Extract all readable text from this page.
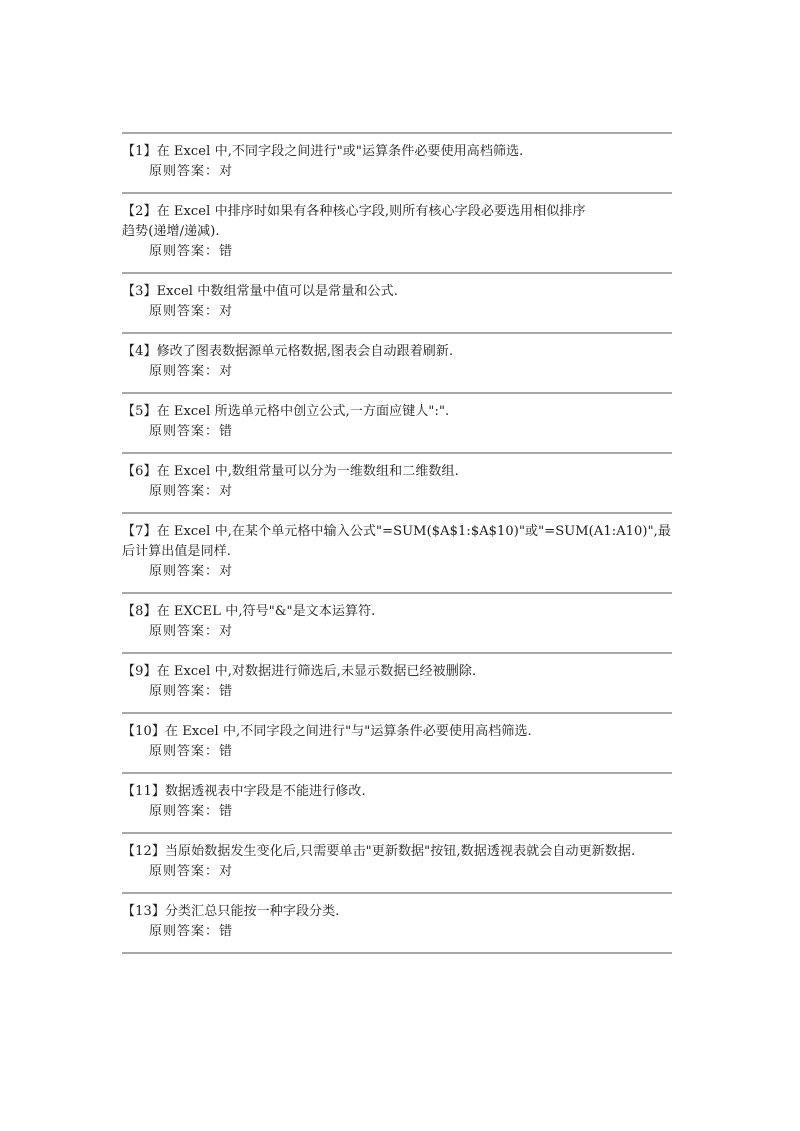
【1】在 Excel 中,不同字段之间进行"或"运算条件必要使用高档筛选.
原则答案：对
【2】在 Excel 中排序时如果有各种核心字段,则所有核心字段必要选用相似排序趋势(递增/递减).
原则答案：错
【3】Excel 中数组常量中值可以是常量和公式.
原则答案：对
【4】修改了图表数据源单元格数据,图表会自动跟着刷新.
原则答案：对
【5】在 Excel 所选单元格中创立公式,一方面应键人":".
原则答案：错
【6】在 Excel 中,数组常量可以分为一维数组和二维数组.
原则答案：对
【7】在 Excel 中,在某个单元格中输入公式"=SUM($A$1:$A$10)"或"=SUM(A1:A10)",最后计算出值是同样.
原则答案：对
【8】在 EXCEL 中,符号"&"是文本运算符.
原则答案：对
【9】在 Excel 中,对数据进行筛选后,未显示数据已经被删除.
原则答案：错
【10】在 Excel 中,不同字段之间进行"与"运算条件必要使用高档筛选.
原则答案：错
【11】数据透视表中字段是不能进行修改.
原则答案：错
【12】当原始数据发生变化后,只需要单击"更新数据"按钮,数据透视表就会自动更新数据.
原则答案：对
【13】分类汇总只能按一种字段分类.
原则答案：错
